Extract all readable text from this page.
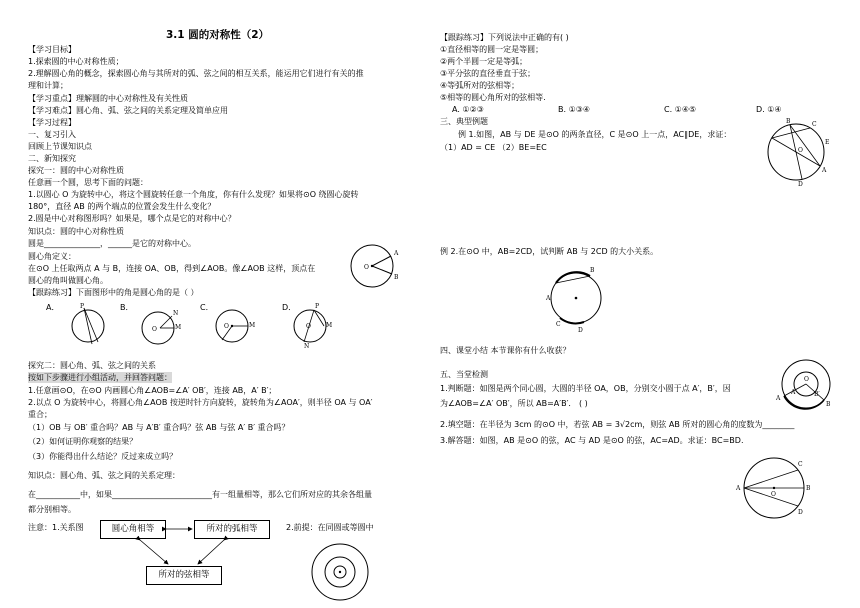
3.1 圆的对称性（2）
【学习目标】
1.探索圆的中心对称性质；
2.理解圆心角的概念，探索圆心角与其所对的弧、弦之间的相互关系，能运用它们进行有关的推
理和计算；
【学习重点】理解圆的中心对称性及有关性质
【学习难点】圆心角、弧、弦之间的关系定理及简单应用
【学习过程】
一、复习引入
回顾上节课知识点
二、新知探究
探究一：圆的中心对称性质
任意画一个圆，思考下面的问题：
1.以圆心 O 为旋转中心，将这个圆旋转任意一个角度，你有什么发现？如果将⊙O 绕圆心旋转
180°，直径 AB 的两个端点的位置会发生什么变化？
2.圆是中心对称图形吗？如果是，哪个点是它的对称中心？
知识点：圆的中心对称性质
圆是______________，______是它的对称中心。
圆心角定义：
在⊙O 上任取两点 A 与 B，连接 OA、OB，得到∠AOB。像∠AOB 这样，顶点在
圆心的角叫做圆心角。
【跟踪练习】下面图形中的角是圆心角的是（ ）
A
O
B
A．	B．	C．	D．
P
O	M
N
O	M	O
P
M
N
探究二：圆心角、弧、弦之间的关系
按如下步骤进行小组活动，并回答问题：
1.任意画⊙O，在⊙O 内画圆心角∠AOB=∠A′ OB′，连接 AB，A′ B′；
2.以点 O 为旋转中心，将圆心角∠AOB 按逆时针方向旋转，旋转角为∠AOA′，则半径 OA 与 OA′
重合；
（1）OB 与 OB′ 重合吗？AB 与 A′B′ 重合吗？弦 AB 与弦 A′ B′ 重合吗？
（2）如何证明你观察的结果？
（3）你能得出什么结论？反过来成立吗？
知识点：圆心角、弧、弦之间的关系定理：
在___________中，如果_________________________有一组量相等，那么它们所对应的其余各组量
都分别相等。
注意：1.关系图	圆心角相等	所对的弧相等
所对的弦相等
2.前提：在同圆或等圆中
【跟踪练习】下列说法中正确的有( )
①直径相等的圆一定是等圆；
②两个半圆一定是等弧；
③平分弦的直径垂直于弦；
④等弧所对的弦相等；
⑤相等的圆心角所对的弦相等.
A. ①②③	B. ①③④	C. ①④⑤	D. ①④
三、典型例题
例 1.如图，AB 与 DE 是⊙O 的两条直径，C 是⊙O 上一点，AC∥DE，求证：
（1）AD = CE （2）BE=EC
B	C
E
O
D
A
例 2.在⊙O 中，AB=2CD，试判断 AB 与 2CD 的大小关系。
B
C
A
D
四、课堂小结 本节课你有什么收获？
五、当堂检测
1.判断题：如图是两个同心圆，大圆的半径 OA，OB，分别交小圆于点 A′，B′，因
为∠AOB=∠A′ OB′，所以 AB=A′B′． ( )
2.填空题：在半径为 3cm 的⊙O 中，若弦 AB = 3√2cm，则弦 AB 所对的圆心角的度数为________
3.解答题：如图，AB 是⊙O 的弦，AC 与 AD 是⊙O 的弦，AC=AD。求证：BC=BD.
A
B
A′	B′
O
A
O
B
C
D
